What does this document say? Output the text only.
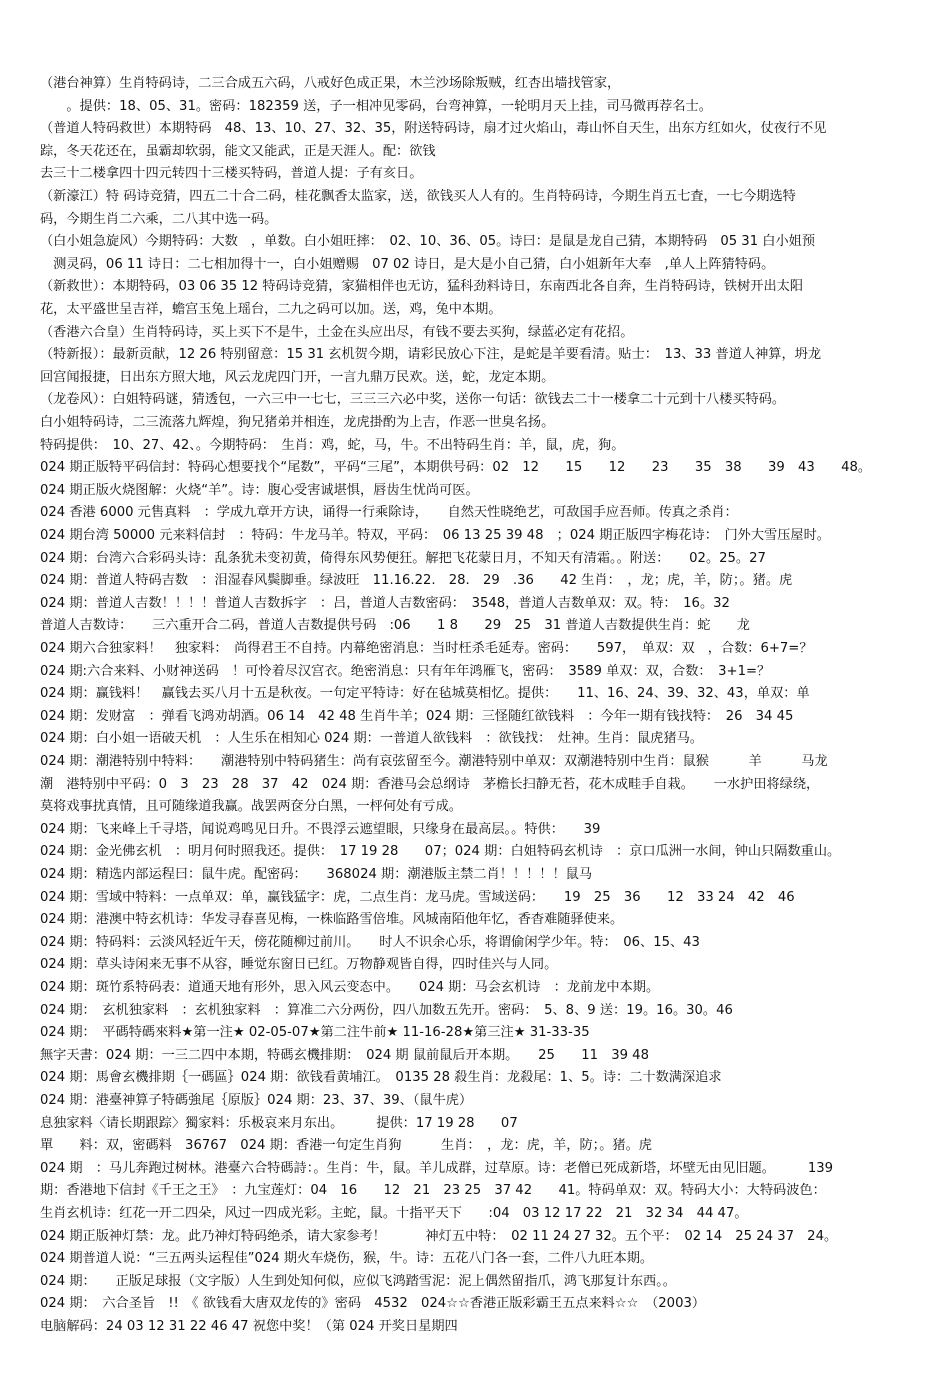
（港台神算）生肖特码诗，二三合成五六码，八戒好色成正果，木兰沙场除叛贼，红杏出墙找管家，
　　。提供：18、05、31。密码：182359 送，子一相冲见零码，台弯神算，一轮明月天上挂，司马微再荐名士。
（普道人特码救世）本期特码　48、13、10、27、32、35，附送特码诗，扇才过火焰山，毒山怀自天生，出东方红如火，仗夜行不见
踪，冬天花还在，虽霸却软弱，能文又能武，正是天涯人。配：欲钱
去三十二楼拿四十四元转四十三楼买特码，普道人提：子有亥日。
（新濠江）特 码诗竞猜，四五二十合二码，桂花飘香太监家，送，欲钱买人人有的。生肖特码诗，今期生肖五七査，一七今期选特
码，今期生肖二六乘，二八其中选一码。
（白小姐急旋风）今期特码：大数　，单数。白小姐旺摔：　02、10、36、05。诗曰：是鼠是龙自己猜，本期特码　05 31 白小姐预
　测灵码，06 11 诗日：二七相加得十一，白小姐赠赐　07 02 诗日，是大是小自己猜，白小姐新年大奉　,单人上阵猜特码。
（新救世）：本期特码，03 06 35 12 特码诗竞猜，家猫相伴也无访，猛科劲料诗日，东南西北各自奔，生肖特码诗，铁树开出太阳
花，太平盛世呈吉祥，蟾宫玉兔上瑶台，二九之码可以加。送，鸡，兔中本期。
（香港六合皇）生肖特码诗，买上买下不是牛，土金在头应出尽，有钱不要去买狗，绿蓝必定有花招。
（特新报）：最新贡献，12 26 特别留意：15 31 玄机贺今期，请彩民放心下注，是蛇是羊要看清。贴士：　13、33 普道人神算，坍龙
回宫闻报捷，日出东方照大地，风云龙虎四门开，一言九鼎万民欢。送，蛇，龙定本期。
（龙卷风）：白姐特码谜，猜透包，一六三中一七七，三三三六必中奖，送你一句话：欲钱去二十一楼拿二十元到十八楼买特码。
白小姐特码诗，二三流落九辉煌，狗兄猪弟并相连，龙虎掛酌为上吉，作恶一世臭名扬。
特码提供：　10、27、42、。今期特码：　生肖：鸡，蛇，马，牛。不出特码生肖：羊，鼠，虎，狗。
024 期正版特平码信封：特码心想要找个“尾数”，平码“三尾”，本期供号码：02　12　　15　　12　　23　　35　38　　39　43　　48。
024 期正版火烧图解：火烧“羊”。诗：腹心受害诚堪惧，唇齿生忧尚可医。
024 香港 6000 元售真料　：学成九章开方诀，诵得一行乘除诗，　　自然天性晓绝艺，可敌国手应吾师。传真之杀肖：
024 期台湾 50000 元来料信封　：特码：牛龙马羊。特双，平码：　06 13 25 39 48　；024 期正版四字梅花诗：　门外大雪压屋时。
024 期：台湾六合彩码头诗：乱条犹未变初黄，倚得东风势便狂。解把飞花蒙日月，不知天有清霜。。附送：　　02。25。27
024 期：普道人特码吉数　：泪湿春风鬓脚垂。绿波旺　11.16.22.　28.　29　.36　　42 生肖：　，龙；虎，羊，防；。猪。虎
024 期：普道人吉数！！！！普道人吉数拆字　：吕，普道人吉数密码：　3548，普道人吉数单双：双。特：　16。32
普道人吉数诗：　　三六重开合二码，普道人吉数提供号码　:06　　1 8　　29　25　31 普道人吉数提供生肖：蛇　　龙
024 期六合独家料！　独家料：　尚得君王不自持。内幕绝密消息：当时枉杀毛延寿。密码：　　597，　单双：双　，合数：6+7=？
024 期:六合来料、小财神送码　！可怜着尽汉宫衣。绝密消息：只有年年鸿雁飞，密码：　3589 单双：双，合数：　3+1=？
024 期：赢钱料！　赢钱去买八月十五是秋夜。一句定平特诗：好在毡城莫相忆。提供：　　11、16、24、39、32、43，单双：单
024 期：发财富　：弹看飞鸿劝胡酒。06 14　42 48 生肖牛羊；024 期：三怪随红欲钱料　：今年一期有钱找特：　26　34 45
024 期：白小姐一语破天机　：人生乐在相知心 024 期：一普道人欲钱料　：欲钱找：　灶神。生肖：鼠虎猪马。
024 期：潮港特别中特料：　　潮港特别中特码猪生：尚有哀弦留至今。潮港特别中单双：双潮港特别中生肖：鼠猴　　　羊　　　马龙
潮　港特别中平码：0　3　23　28　37　42　024 期：香港马会总纲诗　茅檐长扫静无苔，花木成畦手自栽。　　一水护田将绿绕，
莫将戏事扰真情，且可随缘道我赢。战罢两奁分白黑，一枰何处有亏成。
024 期：飞来峰上千寻塔，闻说鸡鸣见日升。不畏浮云遮望眼，只缘身在最高层。。特供：　　39
024 期：金光佛玄机　：明月何时照我还。提供：　17 19 28　　07；024 期：白姐特码玄机诗　：京口瓜洲一水间，钟山只隔数重山。
024 期：精选内部运程曰：鼠牛虎。配密码：　　368024 期：潮港版主禁二肖！！！！！鼠马
024 期：雪域中特料：一点单双：单，赢钱猛字：虎，二点生肖：龙马虎。雪域送码：　　19　25　36　　12　33 24　42　46
024 期：港澳中特玄机诗：华发寻春喜见梅，一株临路雪倍堆。风城南陌他年忆，香杳难随驿使来。
024 期：特码料：云淡风轻近午天，傍花随柳过前川。　　时人不识余心乐，将谓偷闲学少年。特：　06、15、43
024 期：草头诗闲来无事不从容，睡觉东窗日已红。万物静观皆自得，四时佳兴与人同。
024 期：斑竹系特码表：道通天地有形外，思入风云变态中。　　024 期：马会玄机诗　：龙前龙中本期。
024 期：　玄机独家料　：玄机独家料　：算准二六分两份，四八加数五先开。密码：　5、8、9 送：19。16。30。46
024 期：　平碼特碼來料★第一注★ 02-05-07★第二注牛前★ 11-16-28★第三注★ 31-33-35
無字天書：024 期：一三二四中本期，特碼玄機排期：　024 期 鼠前鼠后开本期。　　25　　11　39 48
024 期：馬會玄機排期｛一碼區｝024 期：欲钱看黄埔江。　0135 28 殺生肖：龙殺尾：1、5。诗：二十数满深追求
024 期：港臺神算子特碼強尾｛原版｝024 期：23、37、39、（鼠牛虎）
息独家料〈请长期跟踪〉獨家料：乐极哀来月东出。　　　提供：17 19 28　　07
單　　料：双，密碼料　36767　024 期：香港一句定生肖狗　　　生肖：　，龙：虎，羊，防；。猪。虎
024 期　：马儿奔跑过树林。港臺六合特碼詩：。生肖：牛，鼠。羊儿成群，过草原。诗：老僧已死成新塔，坏壁无由见旧题。　　　139
期：香港地下信封《千王之王》　：九宝莲灯：04　16　　12　21　23 25　37 42　　41。特码单双：双。特码大小：大特码波色：
生肖玄机诗：红花一开二四朵，风过一四成光彩。主蛇，鼠。十指平天下　　:04　03 12 17 22　21　32 34　44 47。
024 期正版神灯禁：龙。此乃神灯特码绝杀，请大家参考！　　　神灯五中特：　02 11 24 27 32。五个平：　02 14　25 24 37　24。
024 期普道人说：“三五两头运程佳”024 期火车烧伤，猴，牛。诗：五花八门各一套，二件八九旺本期。
024 期：　　正版足球报（文字版）人生到处知何似，应似飞鸿踏雪泥：泥上偶然留指爪，鸿飞那复计东西。。
024 期：　六合圣旨　!!　《 欲钱看大唐双龙传的》密码　4532　024☆☆香港正版彩霸王五点来料☆☆　（2003）
电脑解码：24 03 12 31 22 46 47 祝您中奖！（第 024 开奖日星期四
